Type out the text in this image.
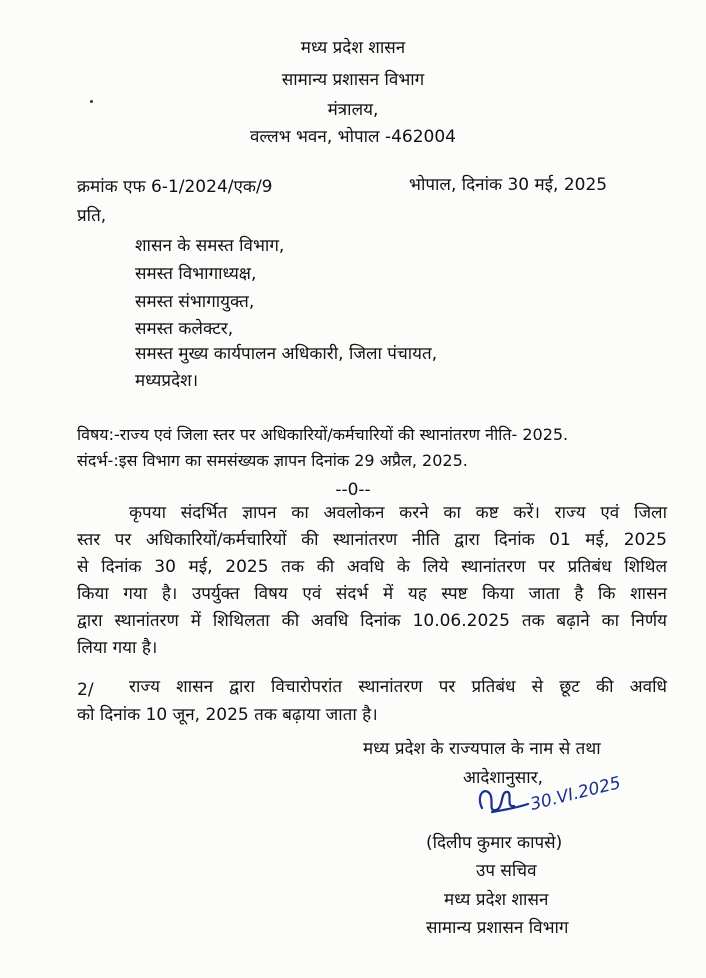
मध्य प्रदेश शासन
सामान्य प्रशासन विभाग
मंत्रालय,
वल्लभ भवन, भोपाल -462004
क्रमांक एफ 6-1/2024/एक/9	भोपाल, दिनांक 30 मई, 2025
प्रति,
शासन के समस्त विभाग,
समस्त विभागाध्यक्ष,
समस्त संभागायुक्त,
समस्त कलेक्टर,
समस्त मुख्य कार्यपालन अधिकारी, जिला पंचायत,
मध्यप्रदेश।
विषय:-राज्य एवं जिला स्तर पर अधिकारियों/कर्मचारियों की स्थानांतरण नीति- 2025.
संदर्भ-:इस विभाग का समसंख्यक ज्ञापन दिनांक 29 अप्रैल, 2025.
--0--
कृपया संदर्भित ज्ञापन का अवलोकन करने का कष्ट करें। राज्य एवं जिला
स्तर पर अधिकारियों/कर्मचारियों की स्थानांतरण नीति द्वारा दिनांक 01 मई, 2025
से दिनांक 30 मई, 2025 तक की अवधि के लिये स्थानांतरण पर प्रतिबंध शिथिल
किया गया है। उपर्युक्त विषय एवं संदर्भ में यह स्पष्ट किया जाता है कि शासन
द्वारा स्थानांतरण में शिथिलता की अवधि दिनांक 10.06.2025 तक बढ़ाने का निर्णय
लिया गया है।
2/ राज्य शासन द्वारा विचारोपरांत स्थानांतरण पर प्रतिबंध से छूट की अवधि
को दिनांक 10 जून, 2025 तक बढ़ाया जाता है।
मध्य प्रदेश के राज्यपाल के नाम से तथा
आदेशानुसार,
30.VI.2025
(दिलीप कुमार कापसे)
उप सचिव
मध्य प्रदेश शासन
सामान्य प्रशासन विभाग
